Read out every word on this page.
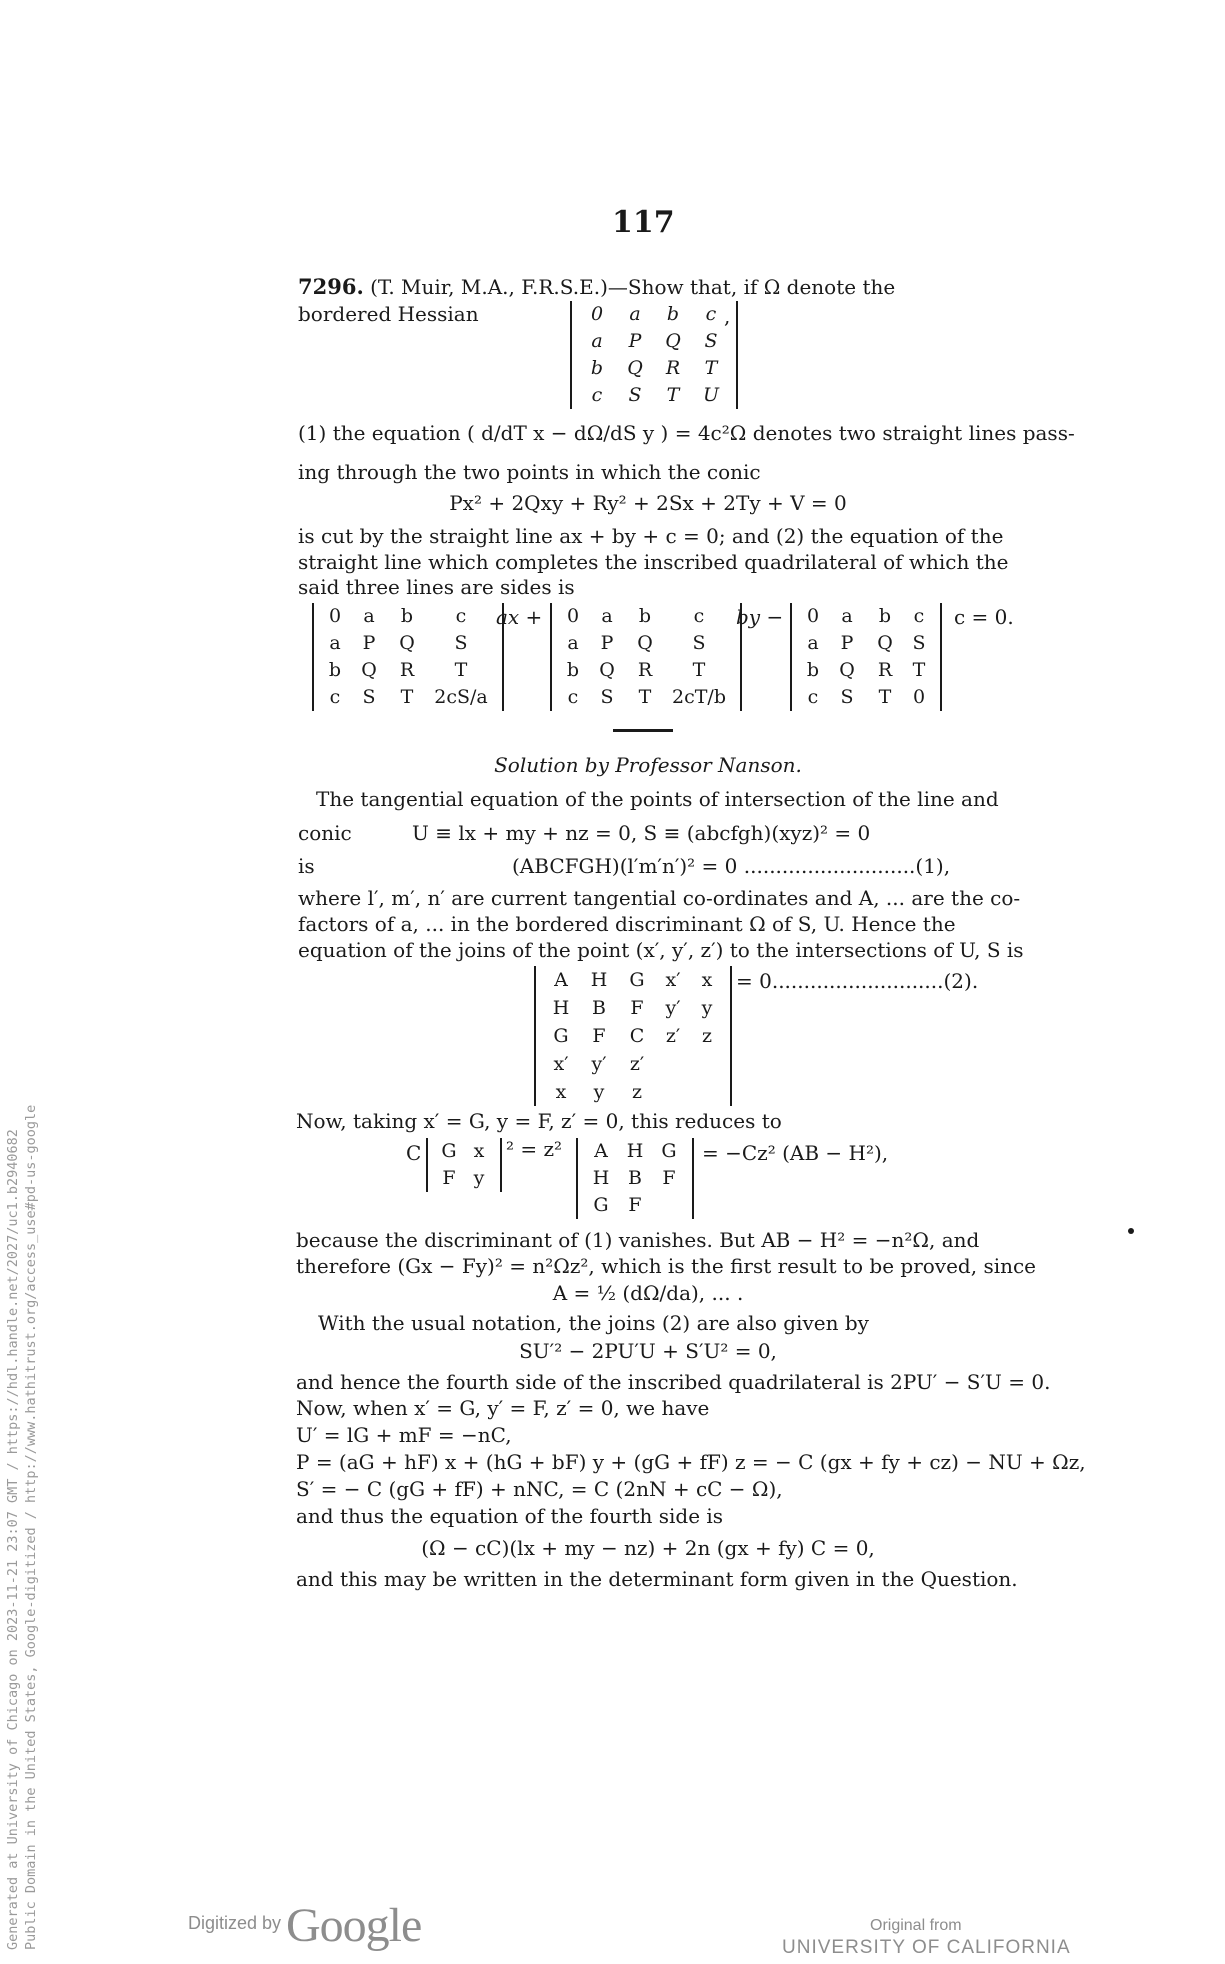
117
7296. (T. Muir, M.A., F.R.S.E.)—Show that, if Ω denote the
bordered Hessian	0	a	b	c
a	P	Q	S
b	Q	R	T
c	S	T	U
,
(1) the equation ( d/dT x − dΩ/dS y ) = 4c²Ω denotes two straight lines pass-
ing through the two points in which the conic
Px² + 2Qxy + Ry² + 2Sx + 2Ty + V = 0
is cut by the straight line ax + by + c = 0; and (2) the equation of the
straight line which completes the inscribed quadrilateral of which the
said three lines are sides is
0	a	b	c
a	P	Q	S
b	Q	R	T
c	S	T	2cS/a
ax +	0	a	b	c
a	P	Q	S
b	Q	R	T
c	S	T	2cT/b
by −	0	a	b	c
a	P	Q	S
b	Q	R	T
c	S	T	0
c = 0.
Solution by Professor Nanson.
The tangential equation of the points of intersection of the line and
conic	U ≡ lx + my + nz = 0, S ≡ (abcfgh)(xyz)² = 0
is	(ABCFGH)(l′m′n′)² = 0 ...........................(1),
where l′, m′, n′ are current tangential co-ordinates and A, ... are the co-
factors of a, ... in the bordered discriminant Ω of S, U. Hence the
equation of the joins of the point (x′, y′, z′) to the intersections of U, S is
A	H	G	x′	x
H	B	F	y′	y
G	F	C	z′	z
x′	y′	z′
x	y	z
= 0...........................(2).
Now, taking x′ = G, y = F, z′ = 0, this reduces to
C	G x
F y
² = z²	A H G
H B	F
G	F
= −Cz² (AB − H²),
because the discriminant of (1) vanishes. But AB − H² = −n²Ω, and
therefore (Gx − Fy)² = n²Ωz², which is the first result to be proved, since
A = ½ (dΩ/da), ... .
With the usual notation, the joins (2) are also given by
SU′² − 2PU′U + S′U² = 0,
and hence the fourth side of the inscribed quadrilateral is 2PU′ − S′U = 0.
Now, when x′ = G, y′ = F, z′ = 0, we have
U′ = lG + mF = −nC,
P = (aG + hF) x + (hG + bF) y + (gG + fF) z = − C (gx + fy + cz) − NU + Ωz,
S′ = − C (gG + fF) + nNC, = C (2nN + cC − Ω),
and thus the equation of the fourth side is
(Ω − cC)(lx + my − nz) + 2n (gx + fy) C = 0,
and this may be written in the determinant form given in the Question.
Generated at University of Chicago on 2023-11-21 23:07 GMT / https://hdl.handle.net/2027/uc1.b2940682 Public Domain in the United States, Google-digitized / http://www.hathitrust.org/access_use#pd-us-google	Digitized by Google	Original from
UNIVERSITY OF CALIFORNIA
